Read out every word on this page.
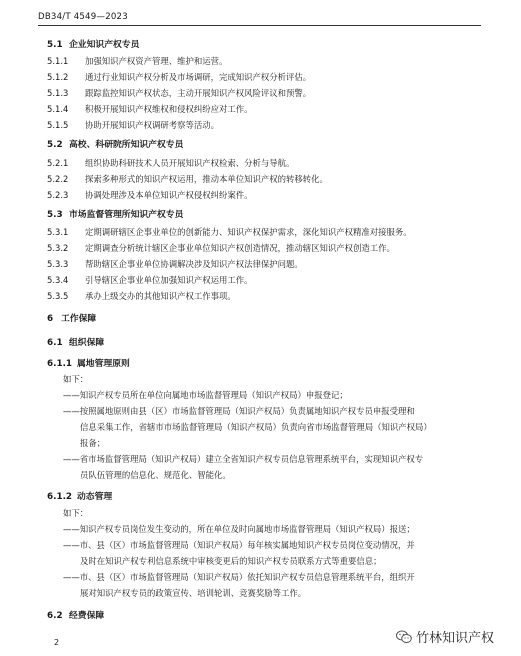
DB34/T 4549—2023
5.1 企业知识产权专员
5.1.1 加强知识产权资产管理、维护和运营。
5.1.2 通过行业知识产权分析及市场调研，完成知识产权分析评估。
5.1.3 跟踪监控知识产权状态，主动开展知识产权风险评议和预警。
5.1.4 积极开展知识产权维权和侵权纠纷应对工作。
5.1.5 协助开展知识产权调研考察等活动。
5.2 高校、科研院所知识产权专员
5.2.1 组织协助科研技术人员开展知识产权检索、分析与导航。
5.2.2 探索多种形式的知识产权运用，推动本单位知识产权的转移转化。
5.2.3 协调处理涉及本单位知识产权侵权纠纷案件。
5.3 市场监督管理所知识产权专员
5.3.1 定期调研辖区企事业单位的创新能力、知识产权保护需求，深化知识产权精准对接服务。
5.3.2 定期调查分析统计辖区企事业单位知识产权创造情况，推动辖区知识产权创造工作。
5.3.3 帮助辖区企事业单位协调解决涉及知识产权法律保护问题。
5.3.4 引导辖区企事业单位加强知识产权运用工作。
5.3.5 承办上级交办的其他知识产权工作事项。
6 工作保障
6.1 组织保障
6.1.1 属地管理原则
如下：
——知识产权专员所在单位向属地市场监督管理局（知识产权局）申报登记；
——按照属地原则由县（区）市场监督管理局（知识产权局）负责属地知识产权专员申报受理和
信息采集工作，省辖市市场监督管理局（知识产权局）负责向省市场监督管理局（知识产权局）
报备；
——省市场监督管理局（知识产权局）建立全省知识产权专员信息管理系统平台，实现知识产权专
员队伍管理的信息化、规范化、智能化。
6.1.2 动态管理
如下：
——知识产权专员岗位发生变动的，所在单位及时向属地市场监督管理局（知识产权局）报送；
——市、县（区）市场监督管理局（知识产权局）每年核实属地知识产权专员岗位变动情况，并
及时在知识产权专利信息系统中审核变更后的知识产权专员联系方式等重要信息；
——市、县（区）市场监督管理局（知识产权局）依托知识产权专员信息管理系统平台，组织开
展对知识产权专员的政策宣传、培训轮训、竞赛奖励等工作。
6.2 经费保障
2	竹林知识产权
